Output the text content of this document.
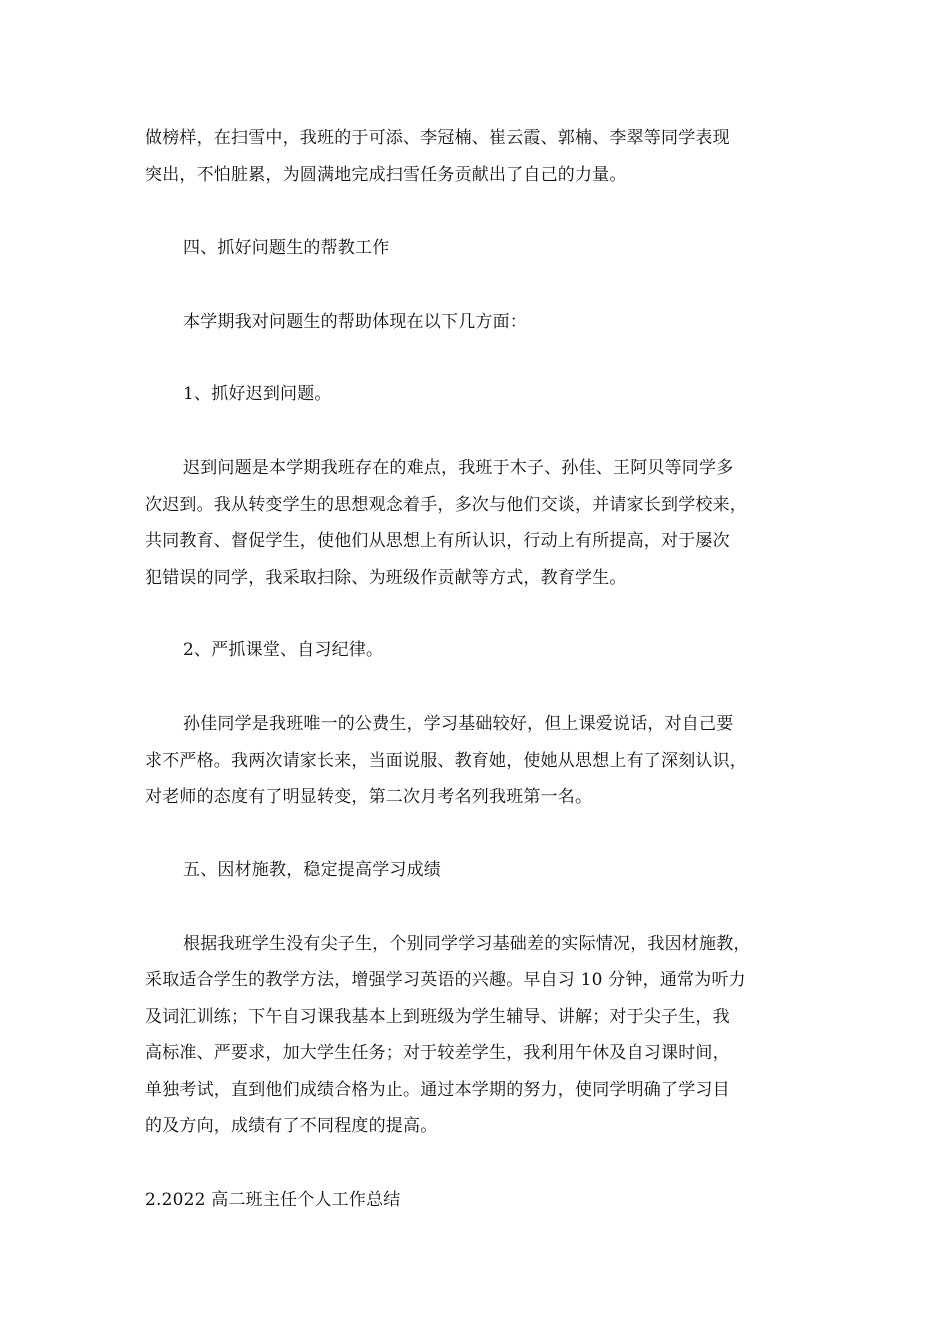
做榜样，在扫雪中，我班的于可添、李冠楠、崔云霞、郭楠、李翠等同学表现
突出，不怕脏累，为圆满地完成扫雪任务贡献出了自己的力量。
四、抓好问题生的帮教工作
本学期我对问题生的帮助体现在以下几方面：
1、抓好迟到问题。
迟到问题是本学期我班存在的难点，我班于木子、孙佳、王阿贝等同学多
次迟到。我从转变学生的思想观念着手，多次与他们交谈，并请家长到学校来，
共同教育、督促学生，使他们从思想上有所认识，行动上有所提高，对于屡次
犯错误的同学，我采取扫除、为班级作贡献等方式，教育学生。
2、严抓课堂、自习纪律。
孙佳同学是我班唯一的公费生，学习基础较好，但上课爱说话，对自己要
求不严格。我两次请家长来，当面说服、教育她，使她从思想上有了深刻认识，
对老师的态度有了明显转变，第二次月考名列我班第一名。
五、因材施教，稳定提高学习成绩
根据我班学生没有尖子生，个别同学学习基础差的实际情况，我因材施教，
采取适合学生的教学方法，增强学习英语的兴趣。早自习 10 分钟，通常为听力
及词汇训练；下午自习课我基本上到班级为学生辅导、讲解；对于尖子生，我
高标准、严要求，加大学生任务；对于较差学生，我利用午休及自习课时间，
单独考试，直到他们成绩合格为止。通过本学期的努力，使同学明确了学习目
的及方向，成绩有了不同程度的提高。
2.2022 高二班主任个人工作总结
